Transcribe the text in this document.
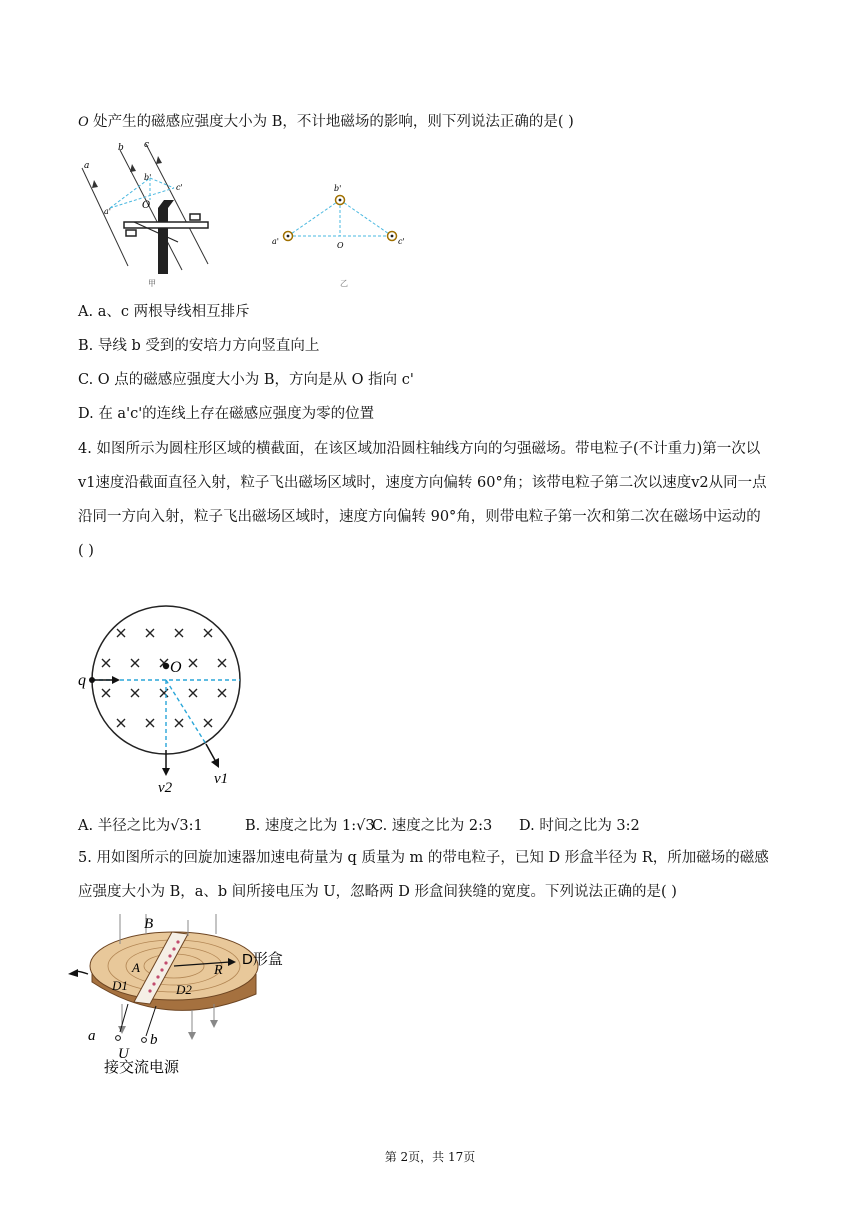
O 处产生的磁感应强度大小为 B，不计地磁场的影响，则下列说法正确的是( )
a
b c
a'
b'
c'
O
甲
a'
b'
c'
O
乙
A. a、c 两根导线相互排斥
B. 导线 b 受到的安培力方向竖直向上
C. O 点的磁感应强度大小为 B，方向是从 O 指向 c'
D. 在 a'c'的连线上存在磁感应强度为零的位置
4. 如图所示为圆柱形区域的横截面，在该区域加沿圆柱轴线方向的匀强磁场。带电粒子(不计重力)第一次以
v1速度沿截面直径入射，粒子飞出磁场区域时，速度方向偏转 60°角；该带电粒子第二次以速度v2从同一点
沿同一方向入射，粒子飞出磁场区域时，速度方向偏转 90°角，则带电粒子第一次和第二次在磁场中运动的
( )
q
O
v2
v1
A. 半径之比为√3:1	B. 速度之比为 1:√3
C. 速度之比为 2:3 D. 时间之比为 3:2
5. 用如图所示的回旋加速器加速电荷量为 q 质量为 m 的带电粒子，已知 D 形盒半径为 R，所加磁场的磁感
应强度大小为 B，a、b 间所接电压为 U，忽略两 D 形盒间狭缝的宽度。下列说法正确的是( )
B
A	R
D形盒
D1	D2
a	b
U
接交流电源
第 2页，共 17页
